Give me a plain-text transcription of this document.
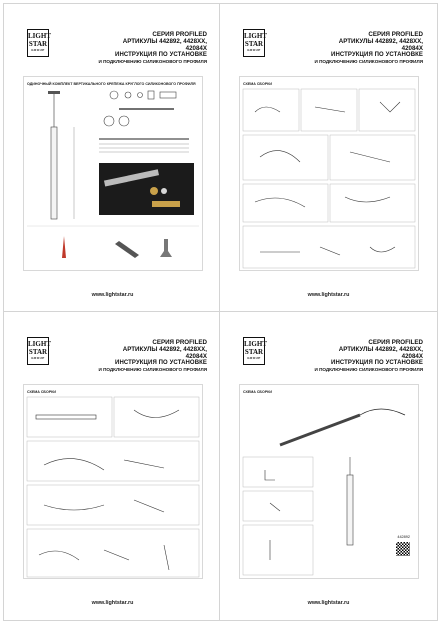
LIGHT
STAR
GROUP
СЕРИЯ PROFILED
АРТИКУЛЫ 442892, 4428XX,
42084X
ИНСТРУКЦИЯ ПО УСТАНОВКЕ
И ПОДКЛЮЧЕНИЮ СИЛИКОНОВОГО ПРОФИЛЯ
ОДИНОЧНЫЙ КОМПЛЕКТ ВЕРТИКАЛЬНОГО КРЕПЕЖА КРУГЛОГО СИЛИКОНОВОГО ПРОФИЛЯ
www.lightstar.ru
LIGHT
STAR
GROUP
СЕРИЯ PROFILED
АРТИКУЛЫ 442892, 4428XX,
42084X
ИНСТРУКЦИЯ ПО УСТАНОВКЕ
И ПОДКЛЮЧЕНИЮ СИЛИКОНОВОГО ПРОФИЛЯ
СХЕМА СБОРКИ
www.lightstar.ru
LIGHT
STAR
GROUP
СЕРИЯ PROFILED
АРТИКУЛЫ 442892, 4428XX,
42084X
ИНСТРУКЦИЯ ПО УСТАНОВКЕ
И ПОДКЛЮЧЕНИЮ СИЛИКОНОВОГО ПРОФИЛЯ
СХЕМА СБОРКИ
www.lightstar.ru
LIGHT
STAR
GROUP
СЕРИЯ PROFILED
АРТИКУЛЫ 442892, 4428XX,
42084X
ИНСТРУКЦИЯ ПО УСТАНОВКЕ
И ПОДКЛЮЧЕНИЮ СИЛИКОНОВОГО ПРОФИЛЯ
СХЕМА СБОРКИ
442892
www.lightstar.ru
